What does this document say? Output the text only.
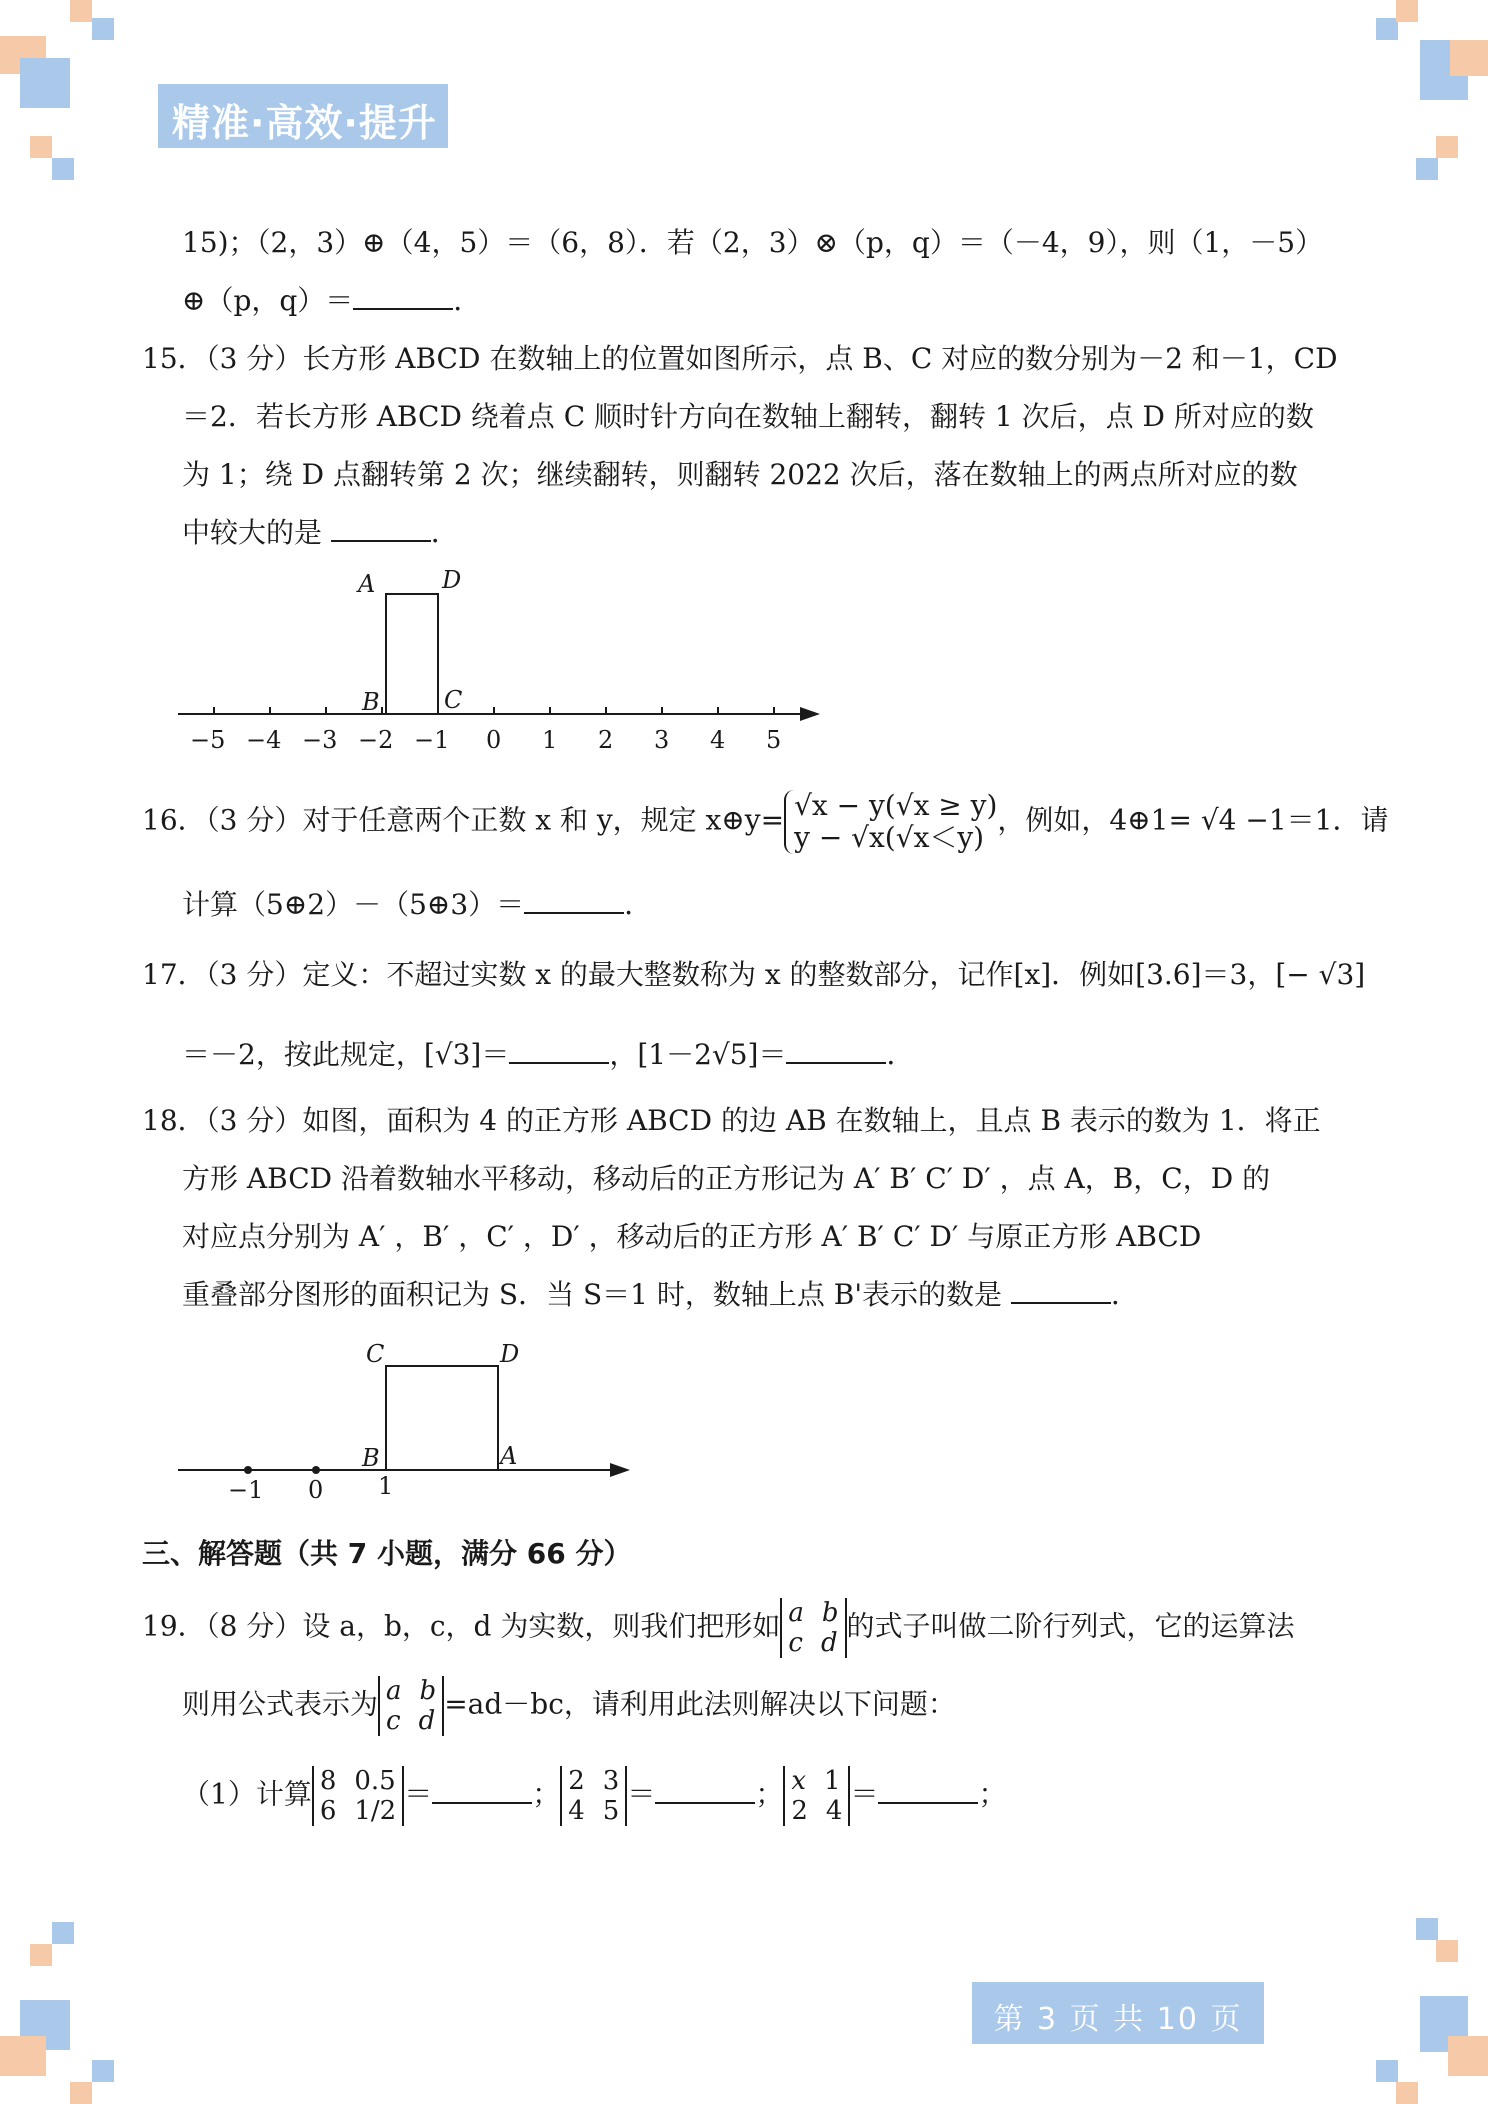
精准·高效·提升
15)；（2，3）⊕（4，5）＝（6，8）．若（2，3）⊗（p，q）＝（－4，9），则（1，－5）
⊕（p，q）＝	．
15．（3 分）长方形 ABCD 在数轴上的位置如图所示，点 B、C 对应的数分别为－2 和－1，CD
＝2．若长方形 ABCD 绕着点 C 顺时针方向在数轴上翻转，翻转 1 次后，点 D 所对应的数
为 1；绕 D 点翻转第 2 次；继续翻转，则翻转 2022 次后，落在数轴上的两点所对应的数
中较大的是	．
−5 −4 −3 −2 −1 0 1 2 3 4 5
A	D
B	C
16．（3 分）对于任意两个正数 x 和 y，规定 x⊕y= √x − y(√x ≥ y)
y − √x(√x＜y)
，例如，4⊕1= √4 −1＝1．请
计算（5⊕2）－（5⊕3）＝	．
17．（3 分）定义：不超过实数 x 的最大整数称为 x 的整数部分，记作[x]．例如[3.6]＝3，[− √3]
＝－2，按此规定，[√3]＝	，[1－2√5]＝	．
18．（3 分）如图，面积为 4 的正方形 ABCD 的边 AB 在数轴上，且点 B 表示的数为 1．将正
方形 ABCD 沿着数轴水平移动，移动后的正方形记为 A′ B′ C′ D′ ，点 A，B，C，D 的
对应点分别为 A′ ，B′ ，C′ ，D′ ，移动后的正方形 A′ B′ C′ D′ 与原正方形 ABCD
重叠部分图形的面积记为 S．当 S＝1 时，数轴上点 B'表示的数是	．
−1 0 1
C	D
B	A
三、解答题（共 7 小题，满分 66 分）
19．（8 分）设 a，b，c，d 为实数，则我们把形如 a b
c d
的式子叫做二阶行列式，它的运算法
则用公式表示为 a b
c d
=ad－bc，请利用此法则解决以下问题：
（1）计算 8 0.5
6 1/2
＝	； 2 3
4 5
＝	； x 1
2 4
＝	；
第 3 页 共 10 页
